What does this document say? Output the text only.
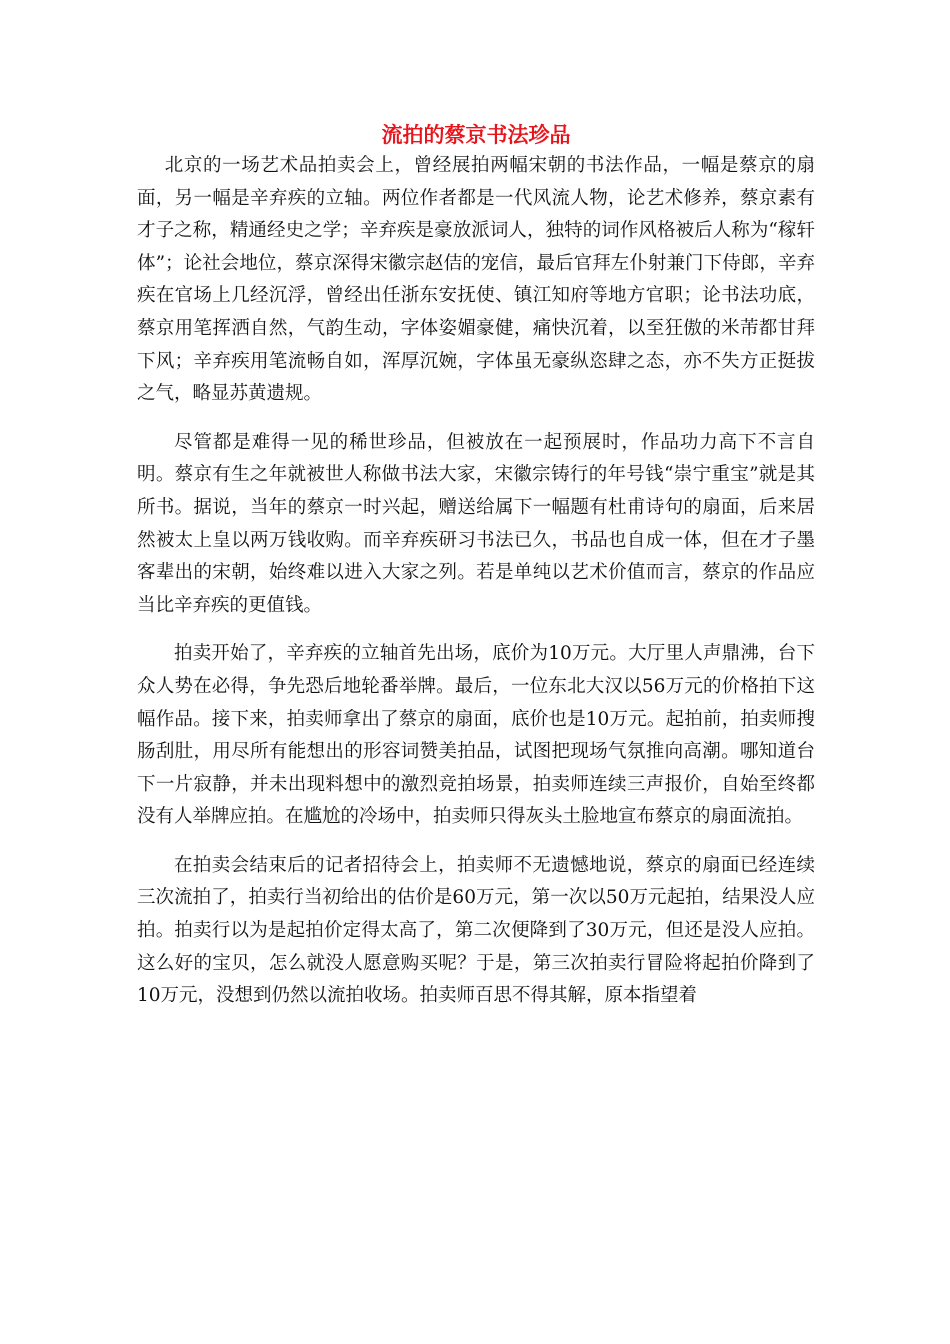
流拍的蔡京书法珍品

北京的一场艺术品拍卖会上，曾经展拍两幅宋朝的书法作品，一幅是蔡京的扇面，另一幅是辛弃疾的立轴。两位作者都是一代风流人物，论艺术修养，蔡京素有才子之称，精通经史之学；辛弃疾是豪放派词人，独特的词作风格被后人称为“稼轩体”；论社会地位，蔡京深得宋徽宗赵佶的宠信，最后官拜左仆射兼门下侍郎，辛弃疾在官场上几经沉浮，曾经出任浙东安抚使、镇江知府等地方官职；论书法功底，蔡京用笔挥洒自然，气韵生动，字体姿媚豪健，痛快沉着，以至狂傲的米芾都甘拜下风；辛弃疾用笔流畅自如，浑厚沉婉，字体虽无豪纵恣肆之态，亦不失方正挺拔之气，略显苏黄遗规。

尽管都是难得一见的稀世珍品，但被放在一起预展时，作品功力高下不言自明。蔡京有生之年就被世人称做书法大家，宋徽宗铸行的年号钱“崇宁重宝”就是其所书。据说，当年的蔡京一时兴起，赠送给属下一幅题有杜甫诗句的扇面，后来居然被太上皇以两万钱收购。而辛弃疾研习书法已久，书品也自成一体，但在才子墨客辈出的宋朝，始终难以进入大家之列。若是单纯以艺术价值而言，蔡京的作品应当比辛弃疾的更值钱。

拍卖开始了，辛弃疾的立轴首先出场，底价为10万元。大厅里人声鼎沸，台下众人势在必得，争先恐后地轮番举牌。最后，一位东北大汉以56万元的价格拍下这幅作品。接下来，拍卖师拿出了蔡京的扇面，底价也是10万元。起拍前，拍卖师搜肠刮肚，用尽所有能想出的形容词赞美拍品，试图把现场气氛推向高潮。哪知道台下一片寂静，并未出现料想中的激烈竞拍场景，拍卖师连续三声报价，自始至终都没有人举牌应拍。在尴尬的冷场中，拍卖师只得灰头土脸地宣布蔡京的扇面流拍。

在拍卖会结束后的记者招待会上，拍卖师不无遗憾地说，蔡京的扇面已经连续三次流拍了，拍卖行当初给出的估价是60万元，第一次以50万元起拍，结果没人应拍。拍卖行以为是起拍价定得太高了，第二次便降到了30万元，但还是没人应拍。这么好的宝贝，怎么就没人愿意购买呢？于是，第三次拍卖行冒险将起拍价降到了10万元，没想到仍然以流拍收场。拍卖师百思不得其解，原本指望着
